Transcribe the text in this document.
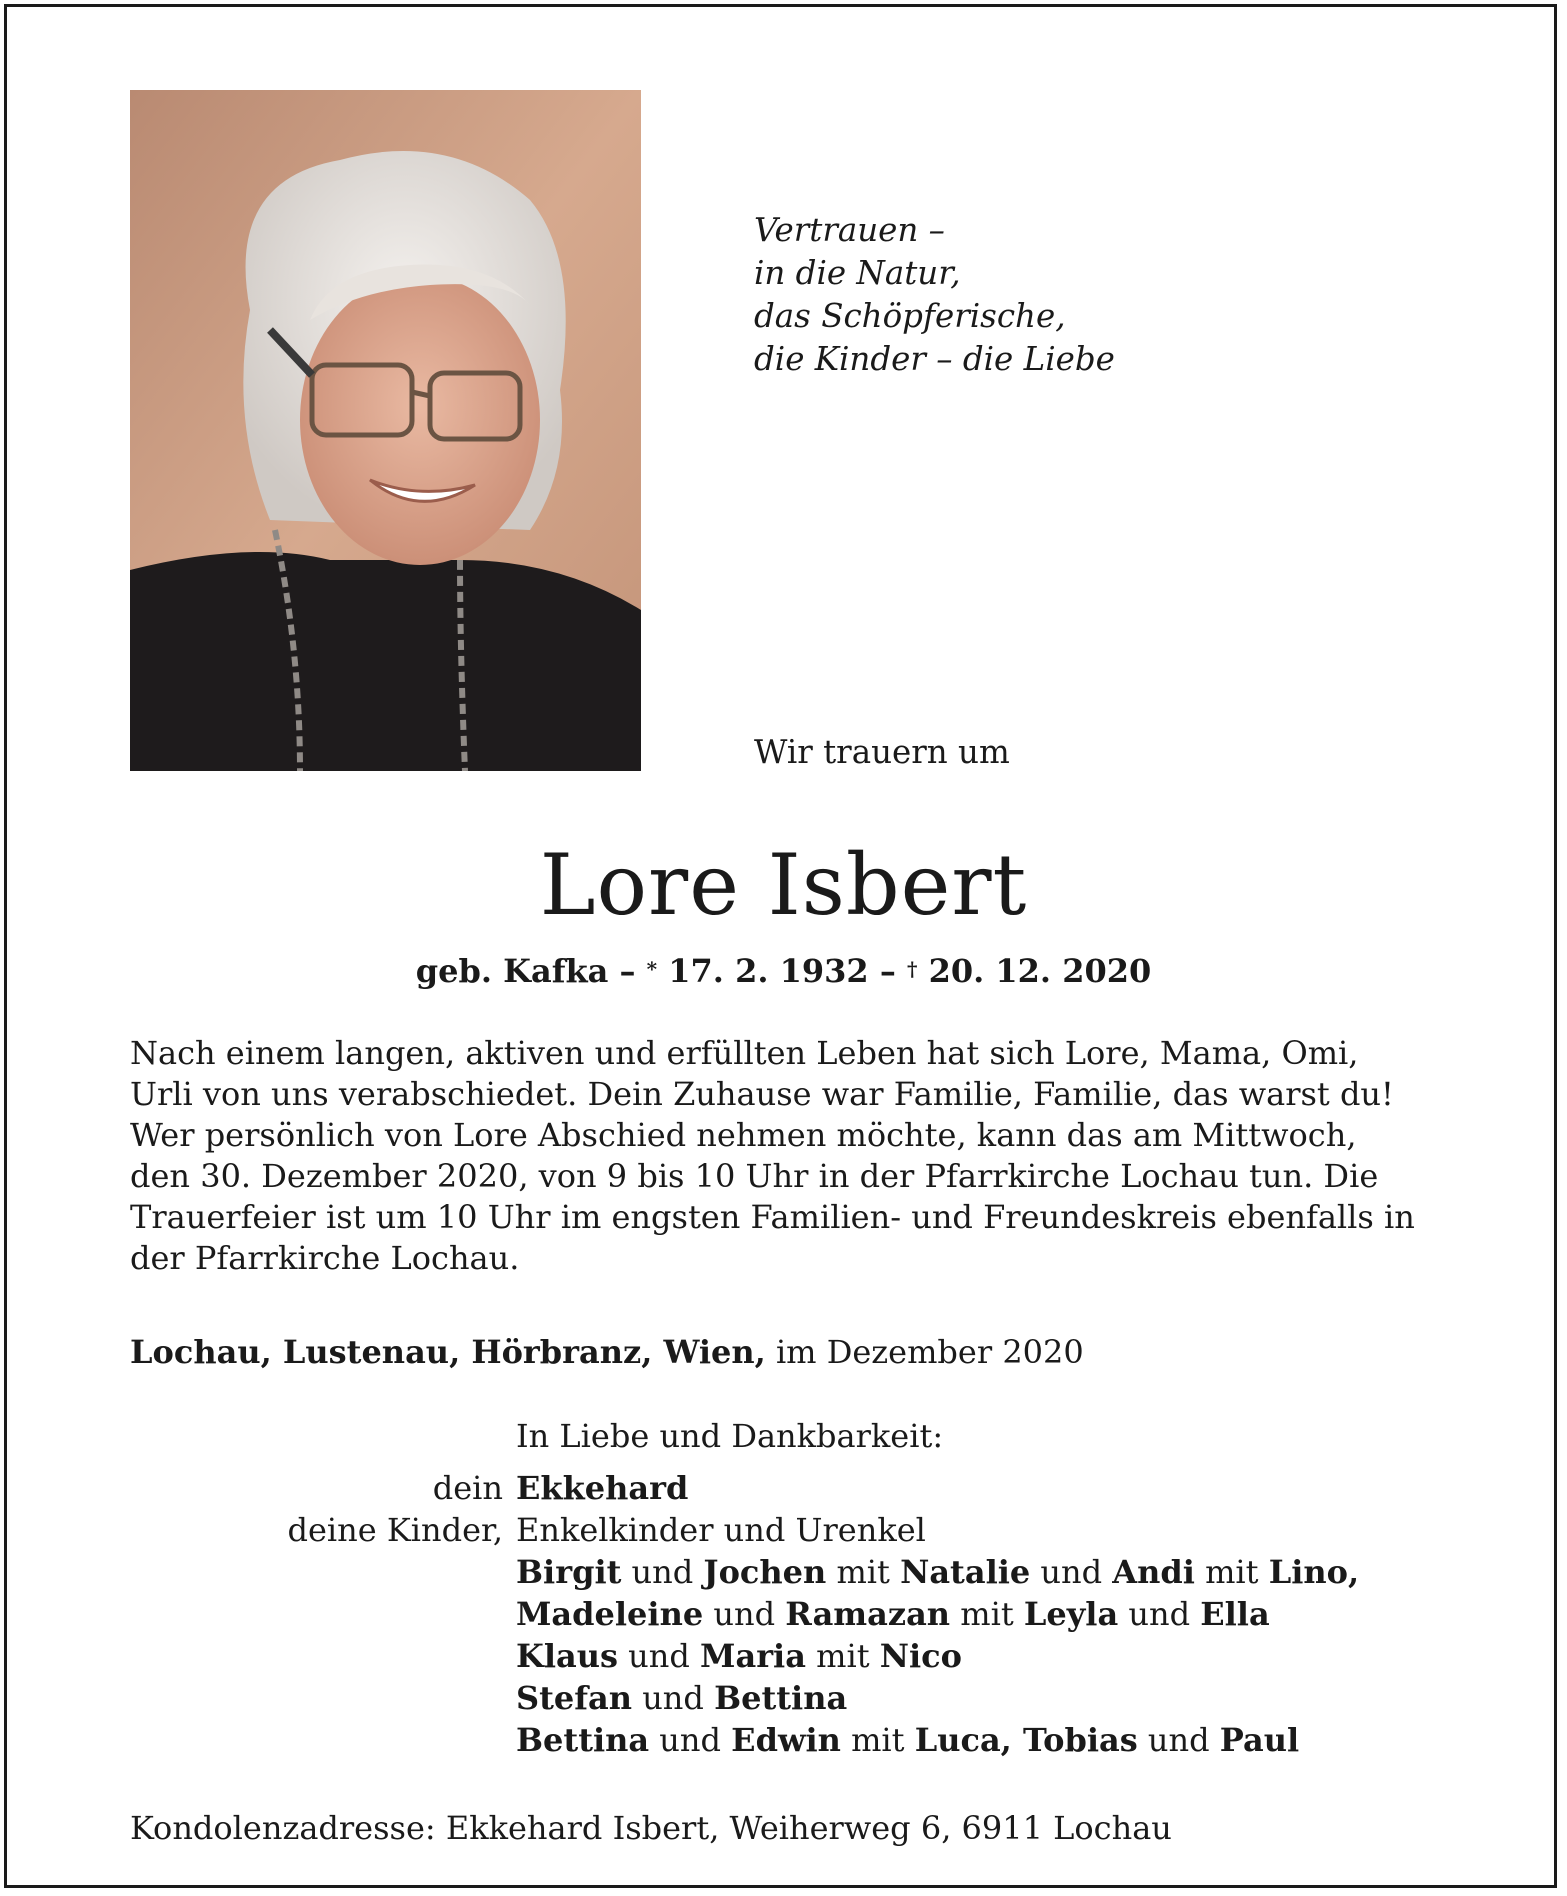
Vertrauen –
in die Natur,
das Schöpferische,
die Kinder – die Liebe
Wir trauern um
Lore Isbert
geb. Kafka – * 17. 2. 1932 – † 20. 12. 2020
Nach einem langen, aktiven und erfüllten Leben hat sich Lore, Mama, Omi,
Urli von uns verabschiedet. Dein Zuhause war Familie, Familie, das warst du!
Wer persönlich von Lore Abschied nehmen möchte, kann das am Mittwoch,
den 30. Dezember 2020, von 9 bis 10 Uhr in der Pfarrkirche Lochau tun. Die
Trauerfeier ist um 10 Uhr im engsten Familien- und Freundeskreis ebenfalls in
der Pfarrkirche Lochau.
Lochau, Lustenau, Hörbranz, Wien, im Dezember 2020
In Liebe und Dankbarkeit:
dein Ekkehard
deine Kinder, Enkelkinder und Urenkel
Birgit und Jochen mit Natalie und Andi mit Lino,
Madeleine und Ramazan mit Leyla und Ella
Klaus und Maria mit Nico
Stefan und Bettina
Bettina und Edwin mit Luca, Tobias und Paul
Kondolenzadresse: Ekkehard Isbert, Weiherweg 6, 6911 Lochau
